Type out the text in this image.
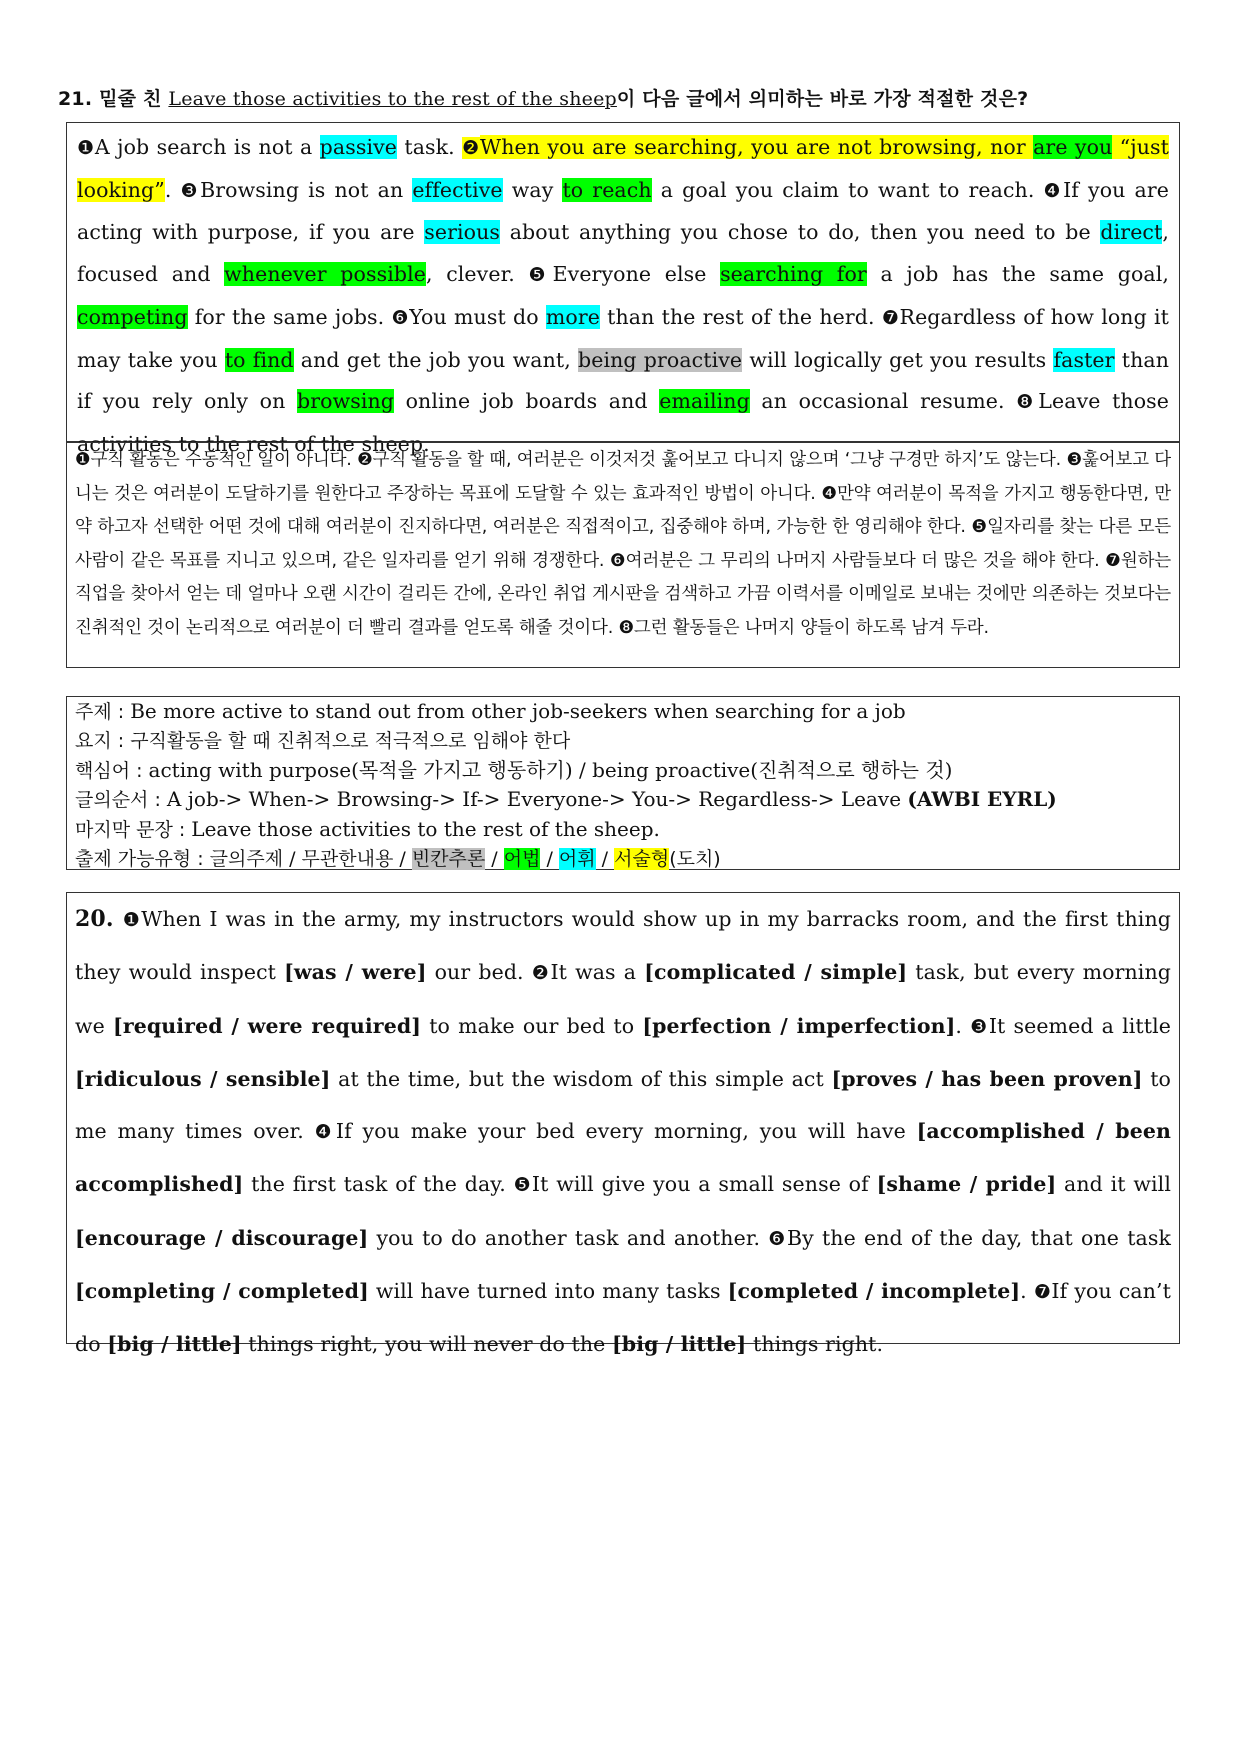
21. 밑줄 친 Leave those activities to the rest of the sheep이 다음 글에서 의미하는 바로 가장 적절한 것은?
❶A job search is not a passive task. ❷When you are searching, you are not browsing, nor are you “just looking”. ❸Browsing is not an effective way to reach a goal you claim to want to reach. ❹If you are acting with purpose, if you are serious about anything you chose to do, then you need to be direct, focused and whenever possible, clever. ❺Everyone else searching for a job has the same goal, competing for the same jobs. ❻You must do more than the rest of the herd. ❼Regardless of how long it may take you to find and get the job you want, being proactive will logically get you results faster than if you rely only on browsing online job boards and emailing an occasional resume. ❽Leave those activities to the rest of the sheep.
❶구직 활동은 수동적인 일이 아니다. ❷구직 활동을 할 때, 여러분은 이것저것 훑어보고 다니지 않으며 ‘그냥 구경만 하지’도 않는다. ❸훑어보고 다니는 것은 여러분이 도달하기를 원한다고 주장하는 목표에 도달할 수 있는 효과적인 방법이 아니다. ❹만약 여러분이 목적을 가지고 행동한다면, 만약 하고자 선택한 어떤 것에 대해 여러분이 진지하다면, 여러분은 직접적이고, 집중해야 하며, 가능한 한 영리해야 한다. ❺일자리를 찾는 다른 모든 사람이 같은 목표를 지니고 있으며, 같은 일자리를 얻기 위해 경쟁한다. ❻여러분은 그 무리의 나머지 사람들보다 더 많은 것을 해야 한다. ❼원하는 직업을 찾아서 얻는 데 얼마나 오랜 시간이 걸리든 간에, 온라인 취업 게시판을 검색하고 가끔 이력서를 이메일로 보내는 것에만 의존하는 것보다는 진취적인 것이 논리적으로 여러분이 더 빨리 결과를 얻도록 해줄 것이다. ❽그런 활동들은 나머지 양들이 하도록 남겨 두라.
주제 : Be more active to stand out from other job-seekers when searching for a job
요지 : 구직활동을 할 때 진취적으로 적극적으로 임해야 한다
핵심어 : acting with purpose(목적을 가지고 행동하기) / being proactive(진취적으로 행하는 것)
글의순서 : A job-> When-> Browsing-> If-> Everyone-> You-> Regardless-> Leave (AWBI EYRL)
마지막 문장 : Leave those activities to the rest of the sheep.
출제 가능유형 : 글의주제 / 무관한내용 / 빈칸추론 / 어법 / 어휘 / 서술형(도치)
20. ❶When I was in the army, my instructors would show up in my barracks room, and the first thing they would inspect [was / were] our bed. ❷It was a [complicated / simple] task, but every morning we [required / were required] to make our bed to [perfection / imperfection]. ❸It seemed a little [ridiculous / sensible] at the time, but the wisdom of this simple act [proves / has been proven] to me many times over. ❹If you make your bed every morning, you will have [accomplished / been accomplished] the first task of the day. ❺It will give you a small sense of [shame / pride] and it will [encourage / discourage] you to do another task and another. ❻By the end of the day, that one task [completing / completed] will have turned into many tasks [completed / incomplete]. ❼If you can’t do [big / little] things right, you will never do the [big / little] things right.
